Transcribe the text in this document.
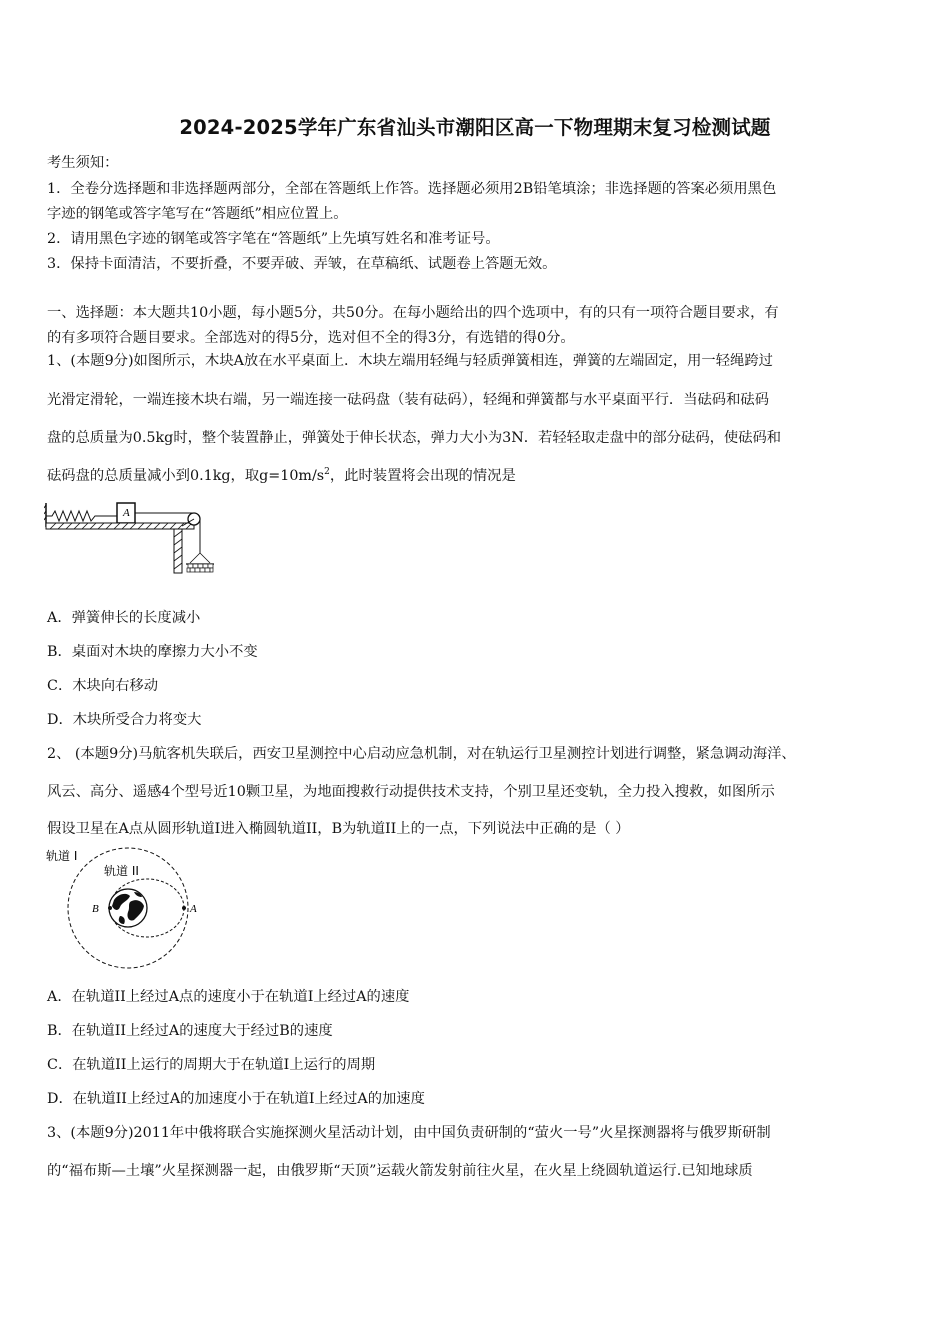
2024-2025学年广东省汕头市潮阳区高一下物理期末复习检测试题
考生须知：
1．全卷分选择题和非选择题两部分，全部在答题纸上作答。选择题必须用2B铅笔填涂；非选择题的答案必须用黑色
字迹的钢笔或答字笔写在“答题纸”相应位置上。
2．请用黑色字迹的钢笔或答字笔在“答题纸”上先填写姓名和准考证号。
3．保持卡面清洁，不要折叠，不要弄破、弄皱，在草稿纸、试题卷上答题无效。
一、选择题：本大题共10小题，每小题5分，共50分。在每小题给出的四个选项中，有的只有一项符合题目要求，有
的有多项符合题目要求。全部选对的得5分，选对但不全的得3分，有选错的得0分。
1、(本题9分)如图所示，木块A放在水平桌面上．木块左端用轻绳与轻质弹簧相连，弹簧的左端固定，用一轻绳跨过
光滑定滑轮，一端连接木块右端，另一端连接一砝码盘（装有砝码），轻绳和弹簧都与水平桌面平行．当砝码和砝码
盘的总质量为0.5kg时，整个装置静止，弹簧处于伸长状态，弹力大小为3N．若轻轻取走盘中的部分砝码，使砝码和
砝码盘的总质量减小到0.1kg，取$g=10m/s^2$，此时装置将会出现的情况是
A
A．弹簧伸长的长度减小
B．桌面对木块的摩擦力大小不变
C．木块向右移动
D．木块所受合力将变大
2、 (本题9分)马航客机失联后，西安卫星测控中心启动应急机制，对在轨运行卫星测控计划进行调整，紧急调动海洋、
风云、高分、遥感4个型号近10颗卫星，为地面搜救行动提供技术支持，个别卫星还变轨，全力投入搜救，如图所示
假设卫星在A点从圆形轨道I进入椭圆轨道II，B为轨道II上的一点，下列说法中正确的是（ ）
轨道 I
轨道 II
B	A
A．在轨道II上经过A点的速度小于在轨道I上经过A的速度
B．在轨道II上经过A的速度大于经过B的速度
C．在轨道II上运行的周期大于在轨道I上运行的周期
D．在轨道II上经过A的加速度小于在轨道I上经过A的加速度
3、(本题9分)2011年中俄将联合实施探测火星活动计划，由中国负责研制的“萤火一号”火星探测器将与俄罗斯研制
的“福布斯—土壤”火星探测器一起，由俄罗斯“天顶”运载火箭发射前往火星，在火星上绕圆轨道运行.已知地球质
